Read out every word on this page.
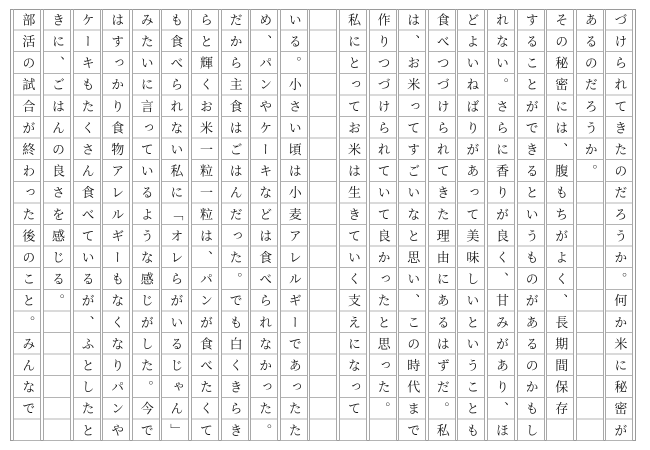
づけられてきたのだろうか。何か米に秘密が
あるのだろうか。
その秘密には、腹もちがよく、長期間保存
することができるというものがあるのかもし
れない。さらに香りが良く、甘みがあり、ほ
どよいねばりがあって美味しいということも
食べつづけられてきた理由にあるはずだ。私
は、お米ってすごいなと思い、この時代まで
作りつづけられていて良かったと思った。
私にとってお米は生きていく支えになって
いる。小さい頃は小麦アレルギーであったた
め、パンやケーキなどは食べられなかった。
だから主食はごはんだった。でも白くきらき
らと輝くお米一粒一粒は、パンが食べたくて
も食べられない私に「オレらがいるじゃん」
みたいに言っているような感じがした。今で
はすっかり食物アレルギーもなくなりパンや
ケーキもたくさん食べているが、ふとしたと
きに、ごはんの良さを感じる。
部活の試合が終わった後のこと。みんなで
